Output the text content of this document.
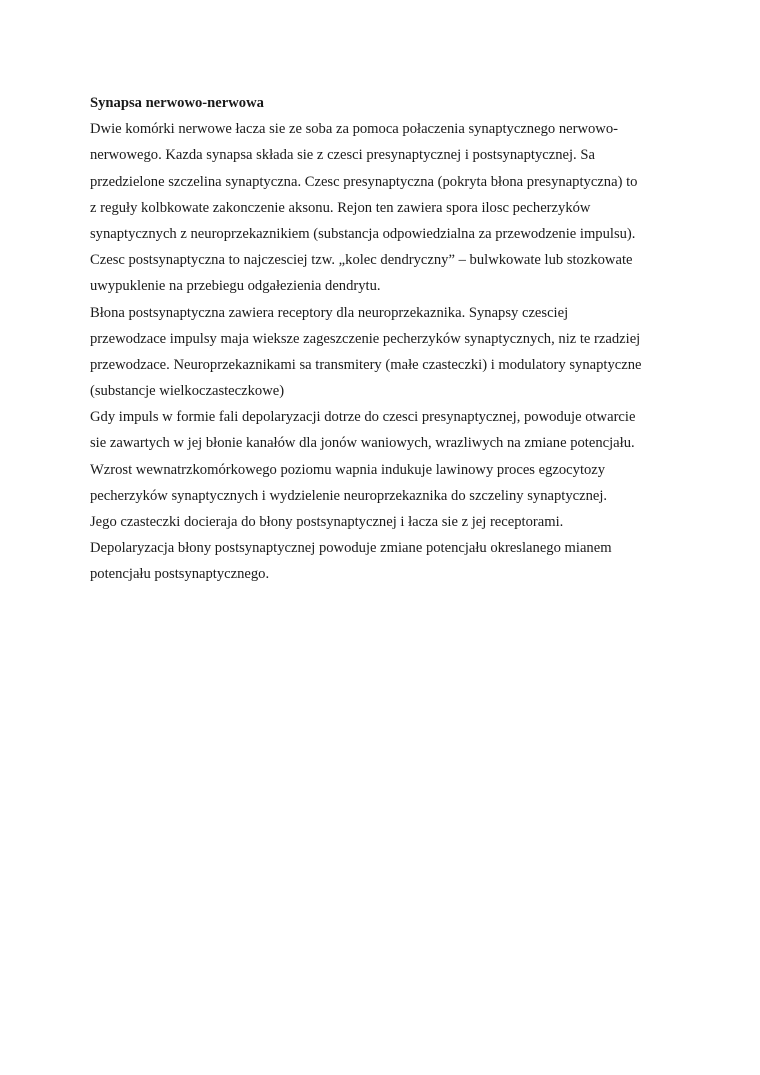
Synapsa nerwowo-nerwowa
Dwie komórki nerwowe łacza sie ze soba za pomoca połaczenia synaptycznego nerwowo-
nerwowego. Kazda synapsa składa sie z czesci presynaptycznej i postsynaptycznej. Sa
przedzielone szczelina synaptyczna. Czesc presynaptyczna (pokryta błona presynaptyczna) to
z reguły kolbkowate zakonczenie aksonu. Rejon ten zawiera spora ilosc pecherzyków
synaptycznych z neuroprzekaznikiem (substancja odpowiedzialna za przewodzenie impulsu).
Czesc postsynaptyczna to najczesciej tzw. „kolec dendryczny” – bulwkowate lub stozkowate
uwypuklenie na przebiegu odgałezienia dendrytu.
Błona postsynaptyczna zawiera receptory dla neuroprzekaznika. Synapsy czesciej
przewodzace impulsy maja wieksze zageszczenie pecherzyków synaptycznych, niz te rzadziej
przewodzace. Neuroprzekaznikami sa transmitery (małe czasteczki) i modulatory synaptyczne
(substancje wielkoczasteczkowe)
Gdy impuls w formie fali depolaryzacji dotrze do czesci presynaptycznej, powoduje otwarcie
sie zawartych w jej błonie kanałów dla jonów waniowych, wrazliwych na zmiane potencjału.
Wzrost wewnatrzkomórkowego poziomu wapnia indukuje lawinowy proces egzocytozy
pecherzyków synaptycznych i wydzielenie neuroprzekaznika do szczeliny synaptycznej.
Jego czasteczki docieraja do błony postsynaptycznej i łacza sie z jej receptorami.
Depolaryzacja błony postsynaptycznej powoduje zmiane potencjału okreslanego mianem
potencjału postsynaptycznego.
